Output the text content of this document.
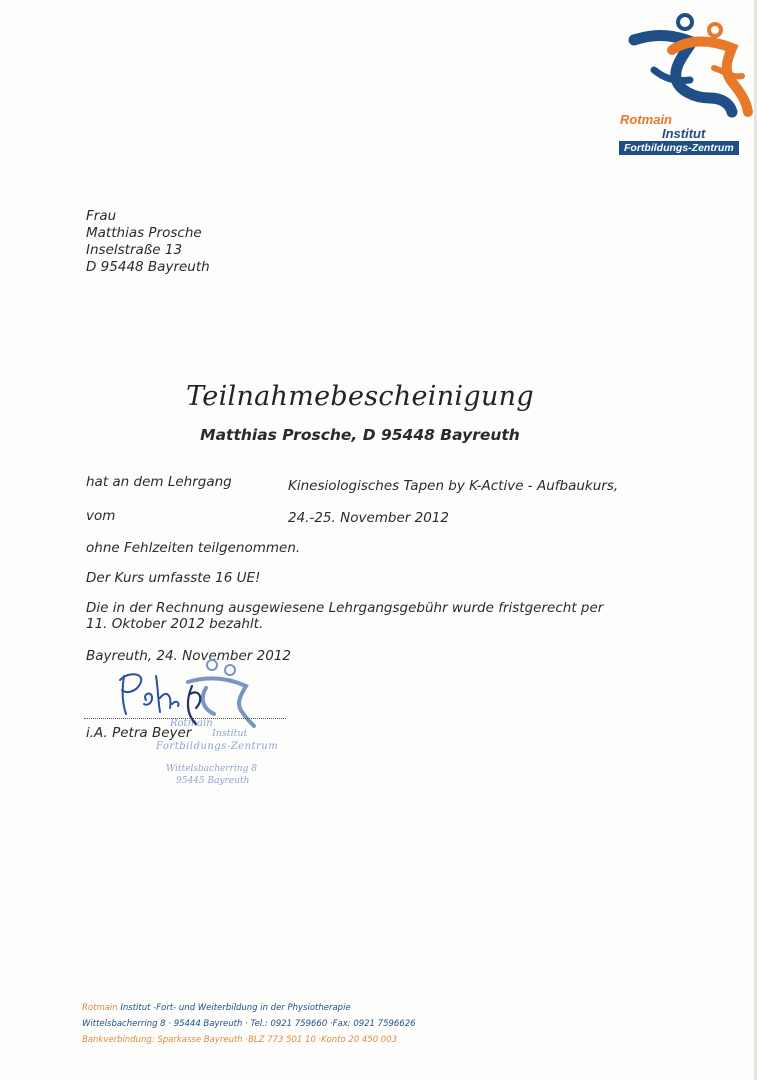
Rotmain
Institut
Fortbildungs-Zentrum
Frau
Matthias Prosche
Inselstraße 13
D 95448 Bayreuth
Teilnahmebescheinigung
Matthias Prosche, D 95448 Bayreuth
hat an dem Lehrgang	Kinesiologisches Tapen by K-Active - Aufbaukurs,
vom	24.-25. November 2012
ohne Fehlzeiten teilgenommen.
Der Kurs umfasste 16 UE!
Die in der Rechnung ausgewiesene Lehrgangsgebühr wurde fristgerecht per
11. Oktober 2012 bezahlt.
Bayreuth, 24. November 2012
Rotmain
Institut
Fortbildungs-Zentrum
Wittelsbacherring 8
95445 Bayreuth
i.A. Petra Beyer
Rotmain Institut -Fort- und Weiterbildung in der Physiotherapie
Wittelsbacherring 8 · 95444 Bayreuth · Tel.: 0921 759660 ·Fax: 0921 7596626
Bankverbindung: Sparkasse Bayreuth ·BLZ 773 501 10 ·Konto 20 450 003
